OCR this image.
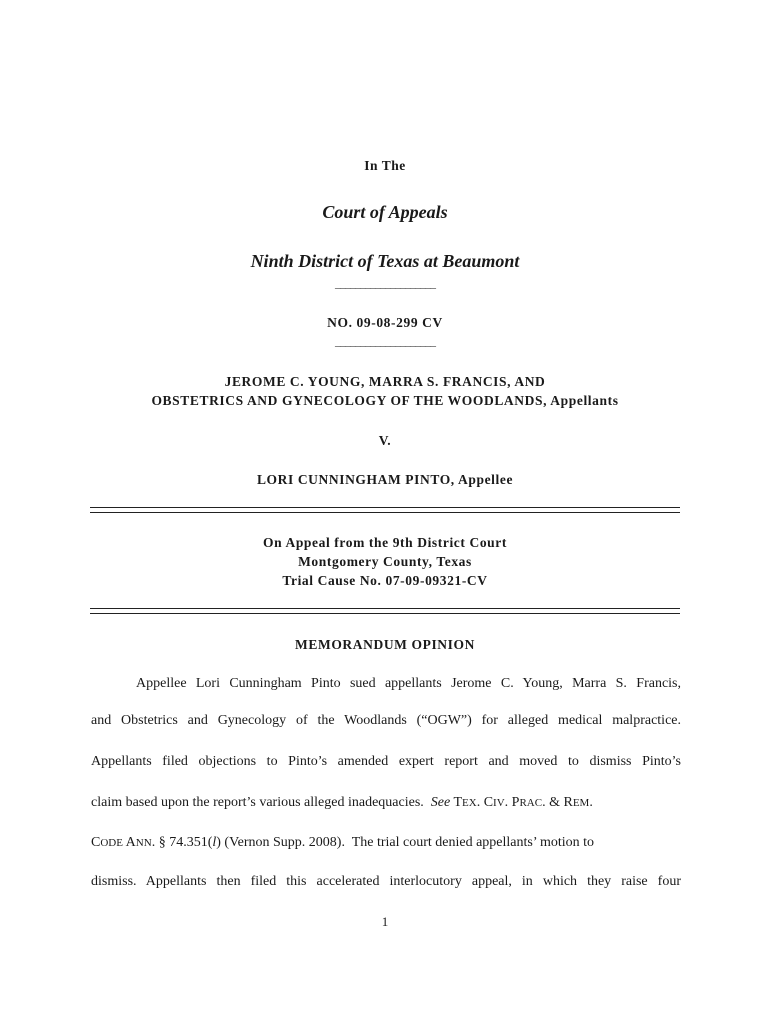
In The
Court of Appeals
Ninth District of Texas at Beaumont
____________________
NO. 09-08-299 CV
____________________
JEROME C. YOUNG, MARRA S. FRANCIS, AND
OBSTETRICS AND GYNECOLOGY OF THE WOODLANDS, Appellants
V.
LORI CUNNINGHAM PINTO, Appellee
On Appeal from the 9th District Court
Montgomery County, Texas
Trial Cause No. 07-09-09321-CV
MEMORANDUM OPINION
Appellee Lori Cunningham Pinto sued appellants Jerome C. Young, Marra S. Francis,
and Obstetrics and Gynecology of the Woodlands (“OGW”) for alleged medical malpractice.
Appellants filed objections to Pinto’s amended expert report and moved to dismiss Pinto’s
claim based upon the report’s various alleged inadequacies.  See TEX. CIV. PRAC. & REM.
CODE ANN. § 74.351(l) (Vernon Supp. 2008).  The trial court denied appellants’ motion to
dismiss. Appellants then filed this accelerated interlocutory appeal, in which they raise four
1
